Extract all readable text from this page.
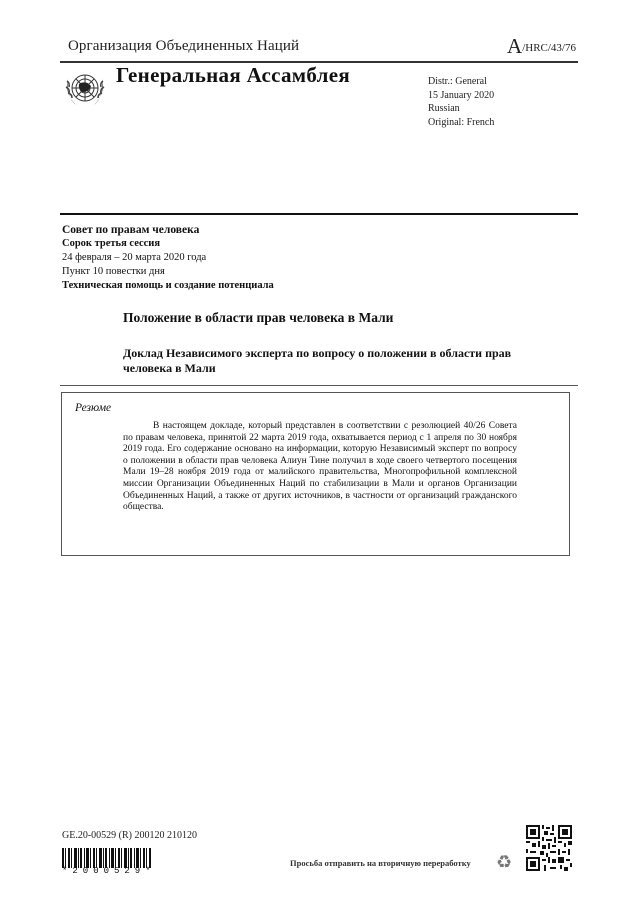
Организация Объединенных Наций	A/HRC/43/76
Генеральная Ассамблея	Distr.: General
15 January 2020
Russian
Original: French
Совет по правам человека
Сорок третья сессия
24 февраля – 20 марта 2020 года
Пункт 10 повестки дня
Техническая помощь и создание потенциала
Положение в области прав человека в Мали
Доклад Независимого эксперта по вопросу о положении в области прав человека в Мали
Резюме
В настоящем докладе, который представлен в соответствии с резолюцией 40/26 Совета по правам человека, принятой 22 марта 2019 года, охватывается период с 1 апреля по 30 ноября 2019 года. Его содержание основано на информации, которую Независимый эксперт по вопросу о положении в области прав человека Алиун Тине получил в ходе своего четвертого посещения Мали 19–28 ноября 2019 года от малийского правительства, Многопрофильной комплексной миссии Организации Объединенных Наций по стабилизации в Мали и органов Организации Объединенных Наций, а также от других источников, в частности от организаций гражданского общества.
GE.20-00529 (R) 200120 210120
*2000529*
Просьба отправить на вторичную переработку ♻
